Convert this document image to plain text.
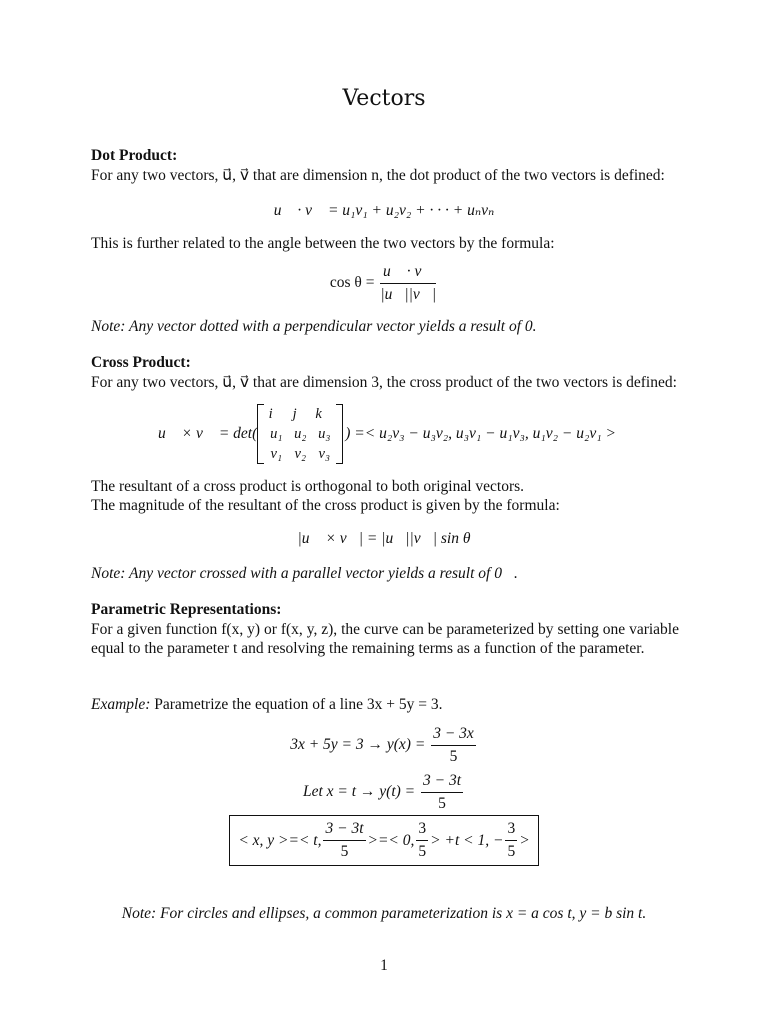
Vectors
Dot Product:
For any two vectors, u⃗, v⃗ that are dimension n, the dot product of the two vectors is defined:
u⃗ · v⃗ = u₁v₁ + u₂v₂ + · · · + uₙvₙ
This is further related to the angle between the two vectors by the formula:
$\cos \theta = \frac{u⃗ \cdot v⃗}{|u⃗||v⃗|}$
Note: Any vector dotted with a perpendicular vector yields a result of 0.
Cross Product:
For any two vectors, u⃗, v⃗ that are dimension 3, the cross product of the two vectors is defined:
u⃗ × v⃗ = det(
i⃗ j⃗ k⃗
u₁ u₂ u₃
v₁ v₂ v₃
) =< u₂v₃ − u₃v₂, u₃v₁ − u₁v₃, u₁v₂ − u₂v₁ >
The resultant of a cross product is orthogonal to both original vectors.
The magnitude of the resultant of the cross product is given by the formula:
|u⃗ × v⃗| = |u⃗||v⃗| sin θ
Note: Any vector crossed with a parallel vector yields a result of 0⃗.
Parametric Representations:
For a given function f(x, y) or f(x, y, z), the curve can be parameterized by setting one variable equal to the parameter t and resolving the remaining terms as a function of the parameter.
Example: Parametrize the equation of a line 3x + 5y = 3.
$3x + 5y = 3 \to y(x) = \frac{3 - 3x}{5}$
Let $x = t \to y(t) = \frac{3 - 3t}{5}$
< x, y >=< t, $\frac{3 - 3t}{5}$ >=< 0, $\frac{3}{5} > +t < 1$, − $\frac{3}{5}$ >
Note: For circles and ellipses, a common parameterization is x = a cos t, y = b sin t.
1
